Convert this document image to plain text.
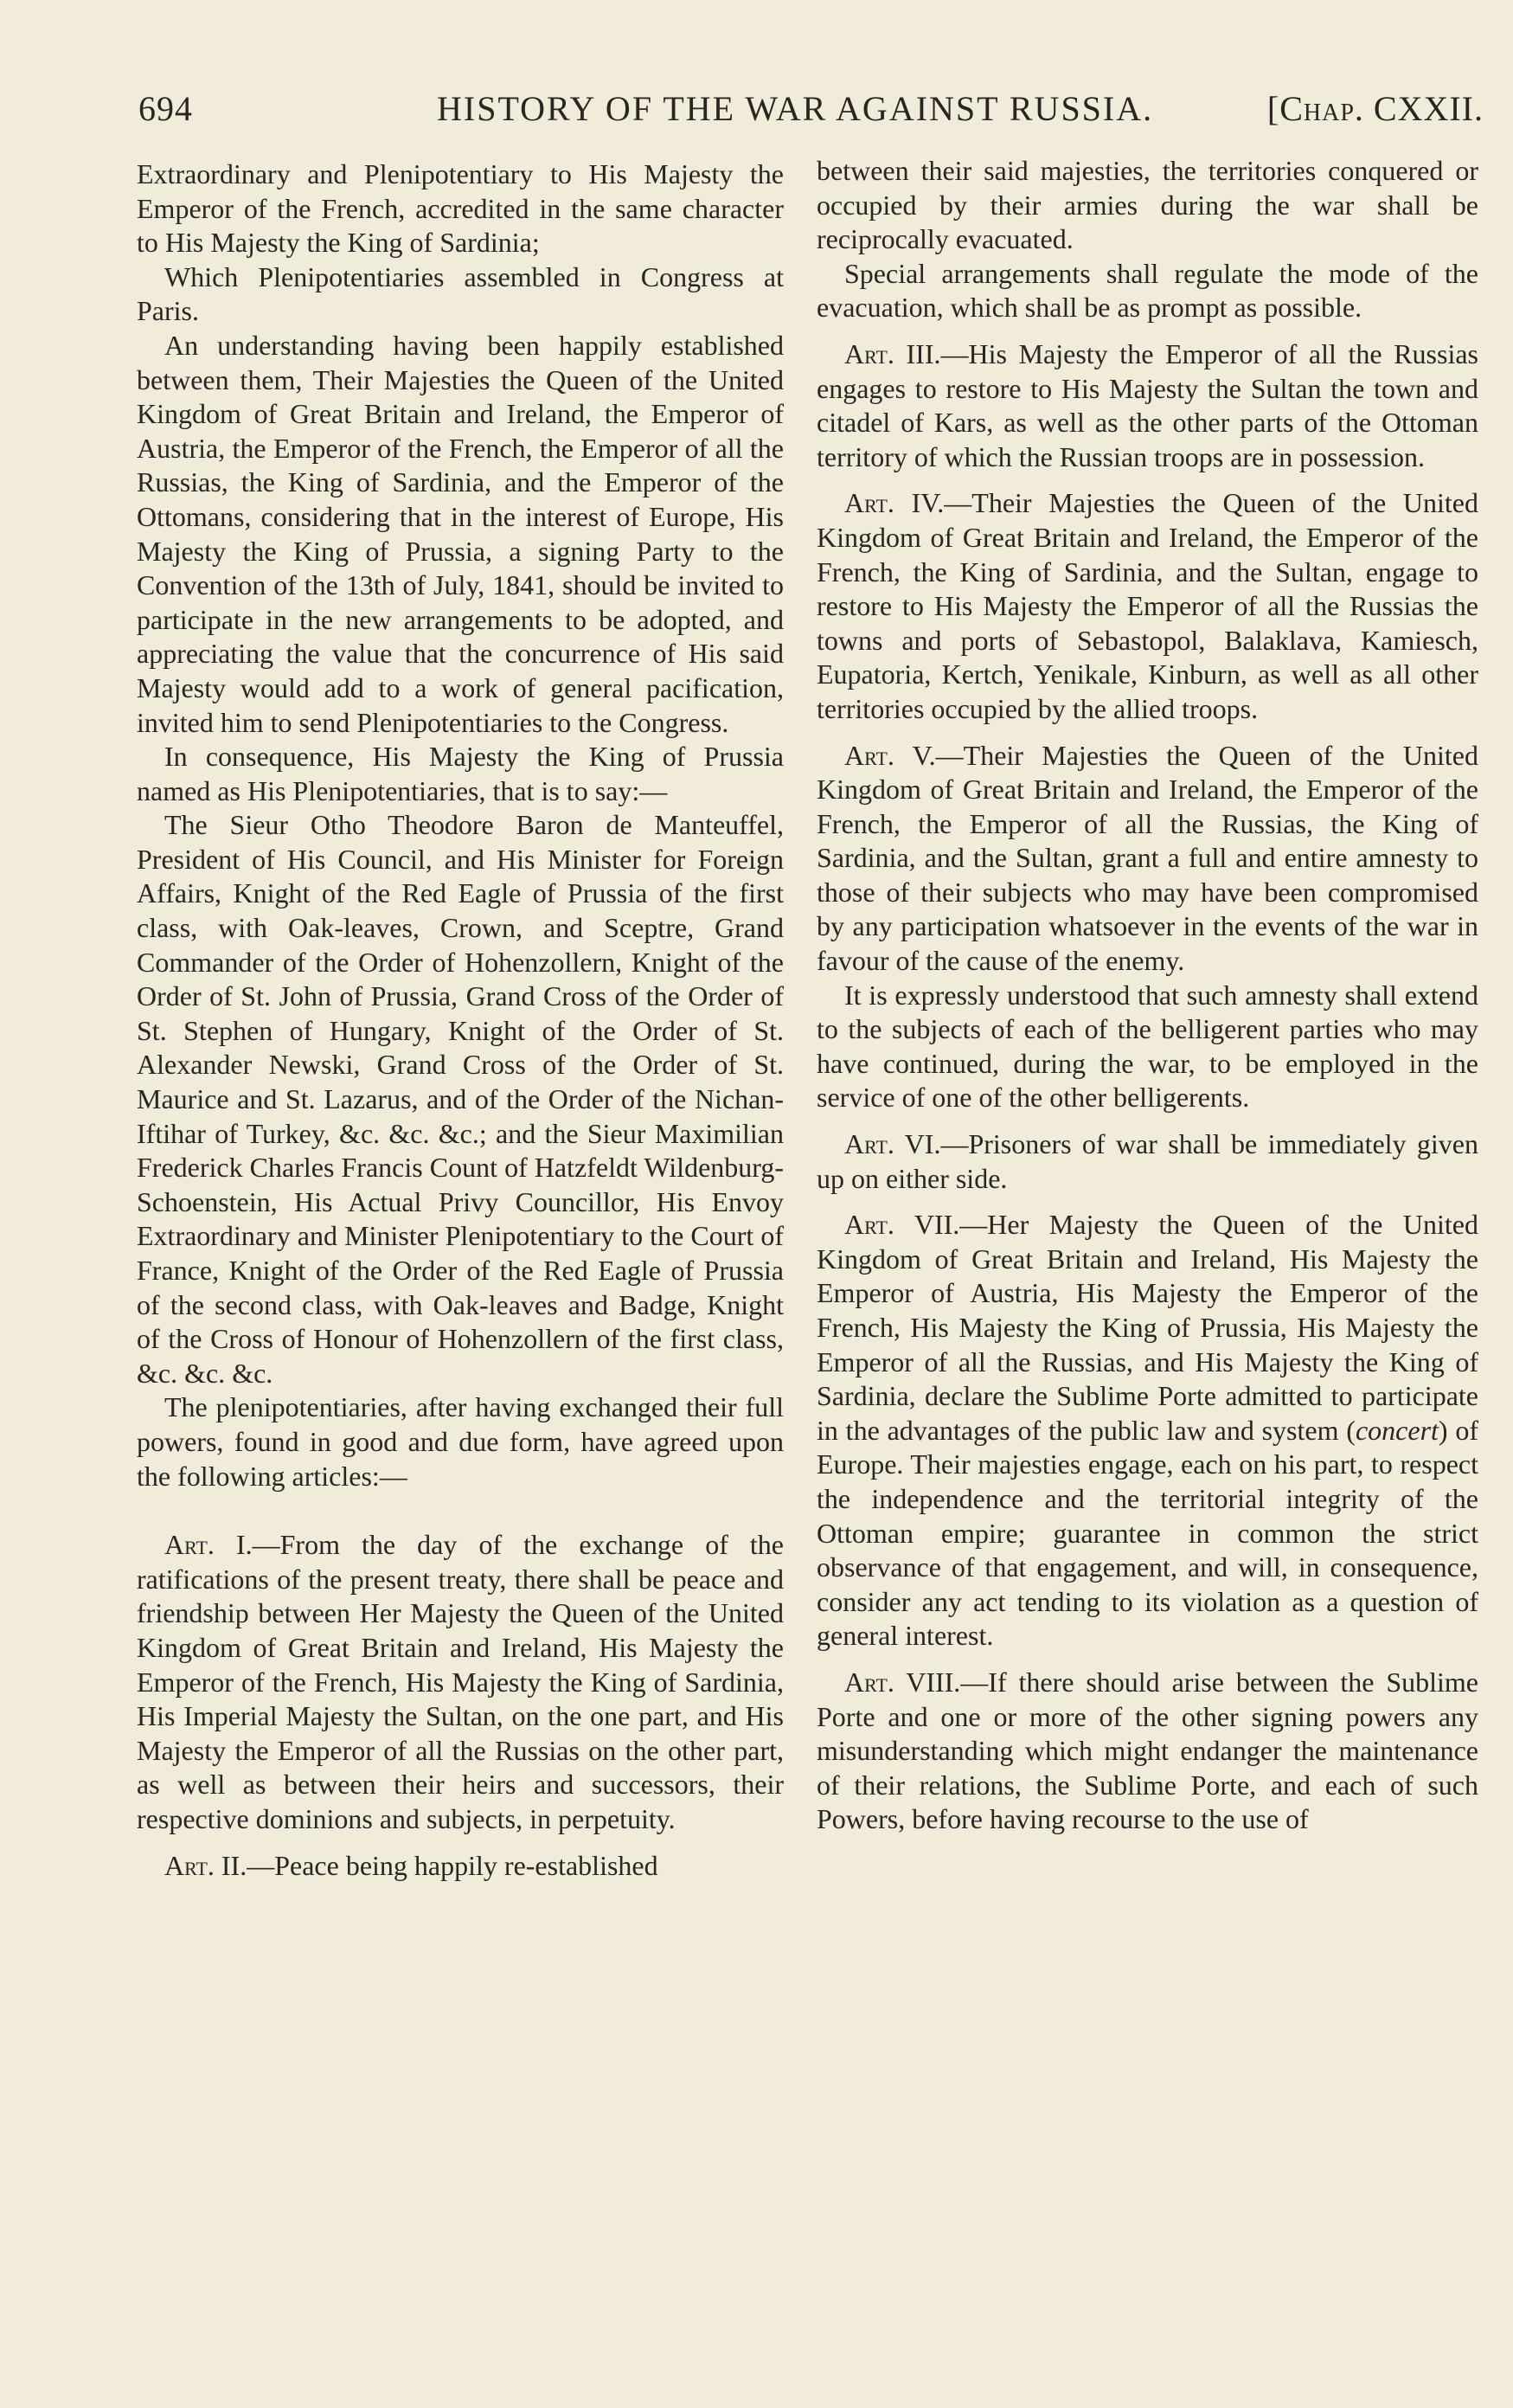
694	HISTORY OF THE WAR AGAINST RUSSIA.	[Chap. CXXII.

Extraordinary and Plenipotentiary to His Majesty the Emperor of the French, accredited in the same character to His Majesty the King of Sardinia;

Which Plenipotentiaries assembled in Congress at Paris.

An understanding having been happily established between them, Their Majesties the Queen of the United Kingdom of Great Britain and Ireland, the Emperor of Austria, the Emperor of the French, the Emperor of all the Russias, the King of Sardinia, and the Emperor of the Ottomans, considering that in the interest of Europe, His Majesty the King of Prussia, a signing Party to the Convention of the 13th of July, 1841, should be invited to participate in the new arrangements to be adopted, and appreciating the value that the concurrence of His said Majesty would add to a work of general pacification, invited him to send Plenipotentiaries to the Congress.

In consequence, His Majesty the King of Prussia named as His Plenipotentiaries, that is to say:—

The Sieur Otho Theodore Baron de Manteuffel, President of His Council, and His Minister for Foreign Affairs, Knight of the Red Eagle of Prussia of the first class, with Oak-leaves, Crown, and Sceptre, Grand Commander of the Order of Hohenzollern, Knight of the Order of St. John of Prussia, Grand Cross of the Order of St. Stephen of Hungary, Knight of the Order of St. Alexander Newski, Grand Cross of the Order of St. Maurice and St. Lazarus, and of the Order of the Nichan-Iftihar of Turkey, &c. &c. &c.; and the Sieur Maximilian Frederick Charles Francis Count of Hatzfeldt Wildenburg-Schoenstein, His Actual Privy Councillor, His Envoy Extraordinary and Minister Plenipotentiary to the Court of France, Knight of the Order of the Red Eagle of Prussia of the second class, with Oak-leaves and Badge, Knight of the Cross of Honour of Hohenzollern of the first class, &c. &c. &c.

The plenipotentiaries, after having exchanged their full powers, found in good and due form, have agreed upon the following articles:—

Art. I.—From the day of the exchange of the ratifications of the present treaty, there shall be peace and friendship between Her Majesty the Queen of the United Kingdom of Great Britain and Ireland, His Majesty the Emperor of the French, His Majesty the King of Sardinia, His Imperial Majesty the Sultan, on the one part, and His Majesty the Emperor of all the Russias on the other part, as well as between their heirs and successors, their respective dominions and subjects, in perpetuity.

Art. II.—Peace being happily re-established

between their said majesties, the territories conquered or occupied by their armies during the war shall be reciprocally evacuated.

Special arrangements shall regulate the mode of the evacuation, which shall be as prompt as possible.

Art. III.—His Majesty the Emperor of all the Russias engages to restore to His Majesty the Sultan the town and citadel of Kars, as well as the other parts of the Ottoman territory of which the Russian troops are in possession.

Art. IV.—Their Majesties the Queen of the United Kingdom of Great Britain and Ireland, the Emperor of the French, the King of Sardinia, and the Sultan, engage to restore to His Majesty the Emperor of all the Russias the towns and ports of Sebastopol, Balaklava, Kamiesch, Eupatoria, Kertch, Yenikale, Kinburn, as well as all other territories occupied by the allied troops.

Art. V.—Their Majesties the Queen of the United Kingdom of Great Britain and Ireland, the Emperor of the French, the Emperor of all the Russias, the King of Sardinia, and the Sultan, grant a full and entire amnesty to those of their subjects who may have been compromised by any participation whatsoever in the events of the war in favour of the cause of the enemy.

It is expressly understood that such amnesty shall extend to the subjects of each of the belligerent parties who may have continued, during the war, to be employed in the service of one of the other belligerents.

Art. VI.—Prisoners of war shall be immediately given up on either side.

Art. VII.—Her Majesty the Queen of the United Kingdom of Great Britain and Ireland, His Majesty the Emperor of Austria, His Majesty the Emperor of the French, His Majesty the King of Prussia, His Majesty the Emperor of all the Russias, and His Majesty the King of Sardinia, declare the Sublime Porte admitted to participate in the advantages of the public law and system (concert) of Europe. Their majesties engage, each on his part, to respect the independence and the territorial integrity of the Ottoman empire; guarantee in common the strict observance of that engagement, and will, in consequence, consider any act tending to its violation as a question of general interest.

Art. VIII.—If there should arise between the Sublime Porte and one or more of the other signing powers any misunderstanding which might endanger the maintenance of their relations, the Sublime Porte, and each of such Powers, before having recourse to the use of
